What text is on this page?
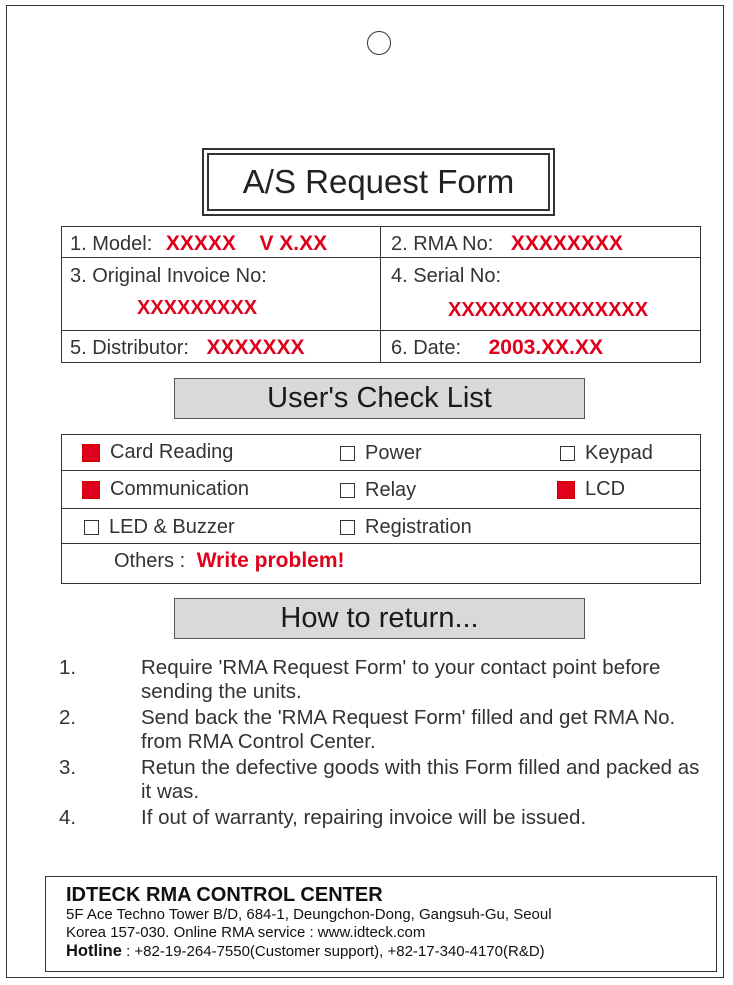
A/S Request Form
1. Model: XXXXX V X.XX	2. RMA No: XXXXXXXX
3. Original Invoice No:
XXXXXXXXX
4. Serial No:
XXXXXXXXXXXXXXX
5. Distributor: XXXXXXX	6. Date: 2003.XX.XX
User's Check List
Card Reading	Power	Keypad
Communication	Relay	LCD
LED & Buzzer	Registration
Others : Write problem!
How to return...
1.	Require 'RMA Request Form' to your contact point before sending the units.
2.	Send back the 'RMA Request Form' filled and get RMA No. from RMA Control Center.
3.	Retun the defective goods with this Form filled and packed as it was.
4.	If out of warranty, repairing invoice will be issued.
IDTECK RMA CONTROL CENTER
5F Ace Techno Tower B/D, 684-1, Deungchon-Dong, Gangsuh-Gu, Seoul
Korea 157-030. Online RMA service : www.idteck.com
Hotline : +82-19-264-7550(Customer support), +82-17-340-4170(R&D)
